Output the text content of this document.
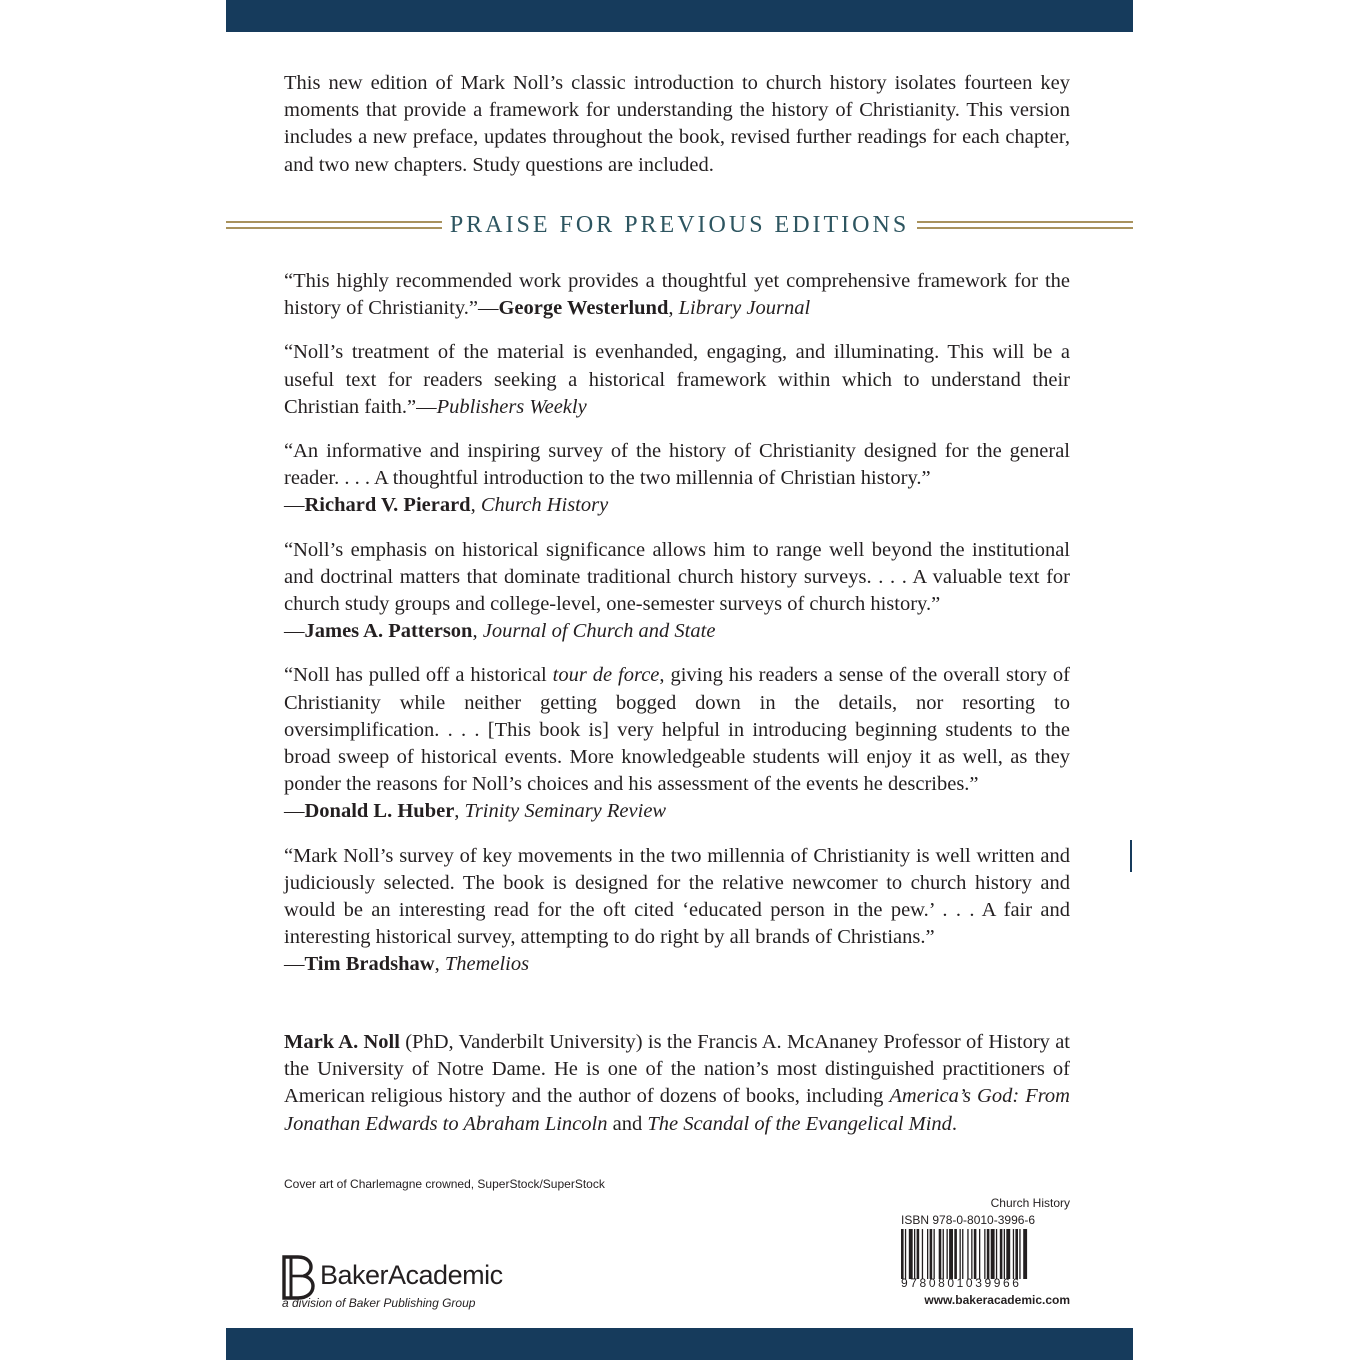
This new edition of Mark Noll’s classic introduction to church history isolates fourteen key moments that provide a framework for understanding the history of Christianity. This version includes a new preface, updates throughout the book, revised further readings for each chapter, and two new chapters. Study questions are included.

PRAISE FOR PREVIOUS EDITIONS
“This highly recommended work provides a thoughtful yet comprehensive framework for the history of Christianity.”—George Westerlund, Library Journal
“Noll’s treatment of the material is evenhanded, engaging, and illuminating. This will be a useful text for readers seeking a historical framework within which to understand their Christian faith.”—Publishers Weekly
“An informative and inspiring survey of the history of Christianity designed for the general reader. . . . A thoughtful introduction to the two millennia of Christian history.”
—Richard V. Pierard, Church History
“Noll’s emphasis on historical significance allows him to range well beyond the institutional and doctrinal matters that dominate traditional church history surveys. . . . A valuable text for church study groups and college-level, one-semester surveys of church history.”
—James A. Patterson, Journal of Church and State
“Noll has pulled off a historical tour de force, giving his readers a sense of the overall story of Christianity while neither getting bogged down in the details, nor resorting to oversimplification. . . . [This book is] very helpful in introducing beginning students to the broad sweep of historical events. More knowledgeable students will enjoy it as well, as they ponder the reasons for Noll’s choices and his assessment of the events he describes.”
—Donald L. Huber, Trinity Seminary Review
“Mark Noll’s survey of key movements in the two millennia of Christianity is well written and judiciously selected. The book is designed for the relative newcomer to church history and would be an interesting read for the oft cited ‘educated person in the pew.’ . . . A fair and interesting historical survey, attempting to do right by all brands of Christians.”
—Tim Bradshaw, Themelios

Mark A. Noll (PhD, Vanderbilt University) is the Francis A. McAnaney Professor of History at the University of Notre Dame. He is one of the nation’s most distinguished practitioners of American religious history and the author of dozens of books, including America’s God: From Jonathan Edwards to Abraham Lincoln and The Scandal of the Evangelical Mind.

Cover art of Charlemagne crowned, SuperStock/SuperStock
BakerAcademic
a division of Baker Publishing Group
Church History
ISBN 978-0-8010-3996-6
9780801039966
www.bakeracademic.com
